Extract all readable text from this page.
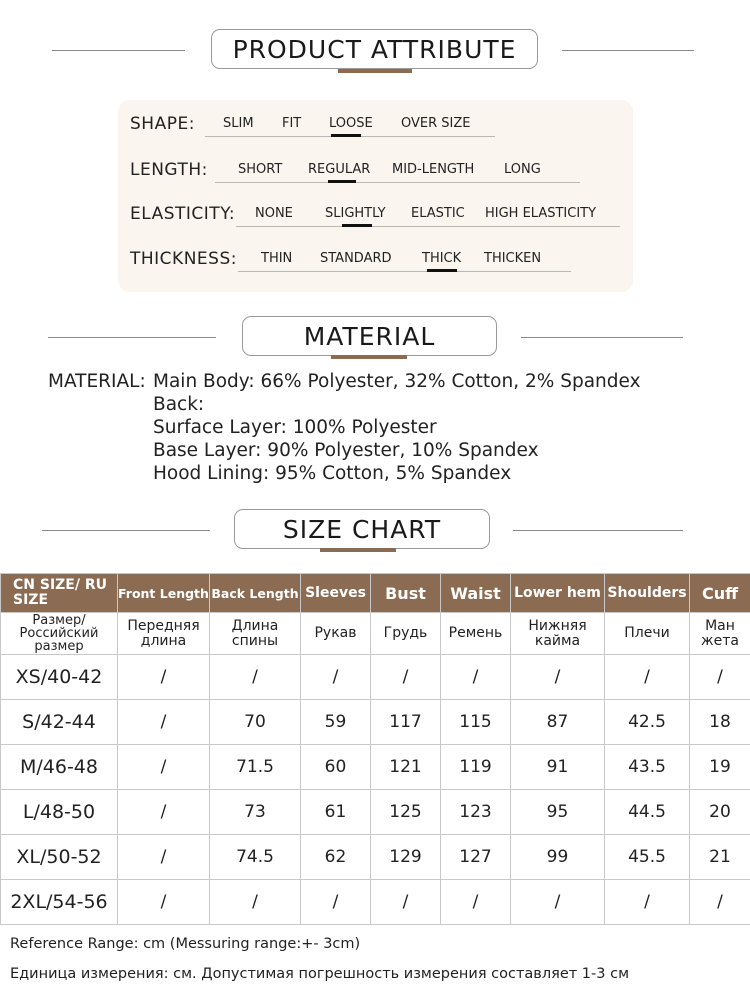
PRODUCT ATTRIBUTE
SHAPE: SLIM FIT LOOSE OVER SIZE
LENGTH: SHORT REGULAR MID-LENGTH LONG
ELASTICITY: NONE SLIGHTLY ELASTIC HIGH ELASTICITY
THICKNESS: THIN STANDARD THICK THICKEN
MATERIAL
MATERIAL: Main Body: 66% Polyester, 32% Cotton, 2% Spandex
Back:
Surface Layer: 100% Polyester
Base Layer: 90% Polyester, 10% Spandex
Hood Lining: 95% Cotton, 5% Spandex
SIZE CHART
CN SIZE/ RU SIZE	Front Length	Back Length	Sleeves	Bust	Waist	Lower hem	Shoulders	Cuff
Размер/ Российский размер	Передняя длина	Длина спины	Рукав	Грудь	Ремень	Нижняя кайма	Плечи	Ман жета
XS/40-42	/	/	/	/	/	/	/	/
S/42-44	/	70	59	117	115	87	42.5	18
M/46-48	/	71.5	60	121	119	91	43.5	19
L/48-50	/	73	61	125	123	95	44.5	20
XL/50-52	/	74.5	62	129	127	99	45.5	21
2XL/54-56	/	/	/	/	/	/	/	/
Reference Range: cm (Messuring range:+- 3cm)
Единица измерения: см. Допустимая погрешность измерения составляет 1-3 см
